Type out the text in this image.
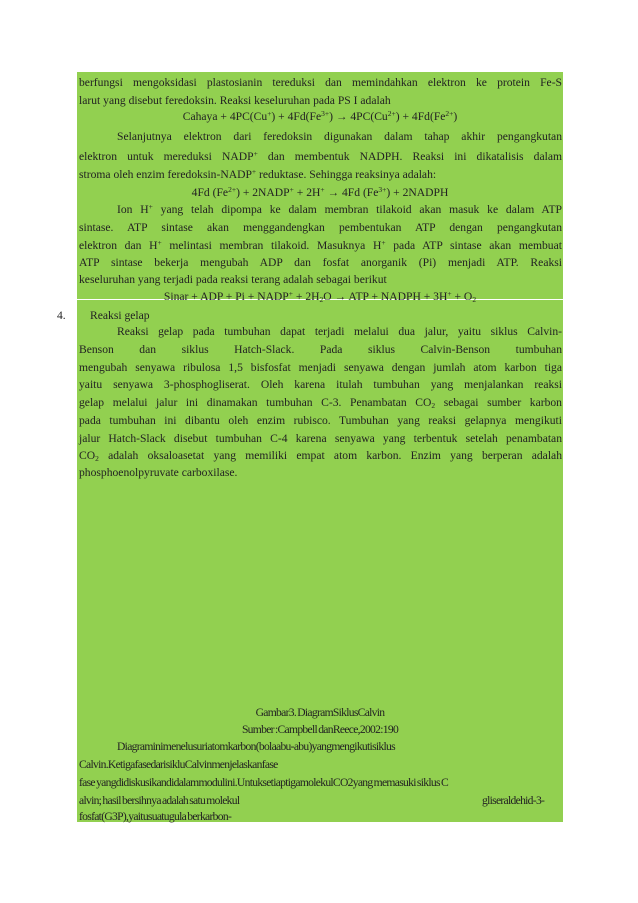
berfungsi mengoksidasi plastosianin tereduksi dan memindahkan elektron ke protein Fe-S
larut yang disebut feredoksin. Reaksi keseluruhan pada PS I adalah
Cahaya + $4PC(Cu^+) + 4Fd(Fe^{3+}) \to 4PC(Cu^{2+}) + 4Fd(Fe^{2+})$
Selanjutnya elektron dari feredoksin digunakan dalam tahap akhir pengangkutan
elektron untuk mereduksi NADP+ dan membentuk NADPH. Reaksi ini dikatalisis dalam
stroma oleh enzim feredoksin-NADP+ reduktase. Sehingga reaksinya adalah:
4Fd $(Fe^{2+})$ + 2NADP+ + 2H+ → 4Fd $(Fe^{3+})$ + 2NADPH
Ion H+ yang telah dipompa ke dalam membran tilakoid akan masuk ke dalam ATP
sintase. ATP sintase akan menggandengkan pembentukan ATP dengan pengangkutan
elektron dan H+ melintasi membran tilakoid. Masuknya H+ pada ATP sintase akan membuat
ATP sintase bekerja mengubah ADP dan fosfat anorganik (Pi) menjadi ATP. Reaksi
keseluruhan yang terjadi pada reaksi terang adalah sebagai berikut
Sinar + ADP + Pi + NADP+ + $2H_2O$ → ATP + NADPH + $3H^+ + O_2$
4. Reaksi gelap
Reaksi gelap pada tumbuhan dapat terjadi melalui dua jalur, yaitu siklus Calvin-
Benson dan siklus Hatch-Slack. Pada siklus Calvin-Benson tumbuhan
mengubah senyawa ribulosa 1,5 bisfosfat menjadi senyawa dengan jumlah atom karbon tiga
yaitu senyawa 3-phosphogliserat. Oleh karena itulah tumbuhan yang menjalankan reaksi
gelap melalui jalur ini dinamakan tumbuhan C-3. Penambatan $CO_2$ sebagai sumber karbon
pada tumbuhan ini dibantu oleh enzim rubisco. Tumbuhan yang reaksi gelapnya mengikuti
jalur Hatch-Slack disebut tumbuhan C-4 karena senyawa yang terbentuk setelah penambatan
$CO_2$ adalah oksaloasetat yang memiliki empat atom karbon. Enzim yang berperan adalah
phosphoenolpyruvate carboxilase.
Gambar3. DiagramSiklusCalvin
Sumber :Campbell danReece,2002:190
Diagraminimenelusuriatomkarbon(bolaabu-abu)yangmengikutisiklus
Calvin.KetigafasedarisikluCalvinmenjelaskanfase
fase yangdidiskusikandidalammodulini.UntuksetiaptigamolekulCO2yang memasuki siklus C
alvin; hasil bersihnya adalah satu molekul	gliseraldehid-3-
fosfat(G3P),yaitusuatugula berkarbon-
